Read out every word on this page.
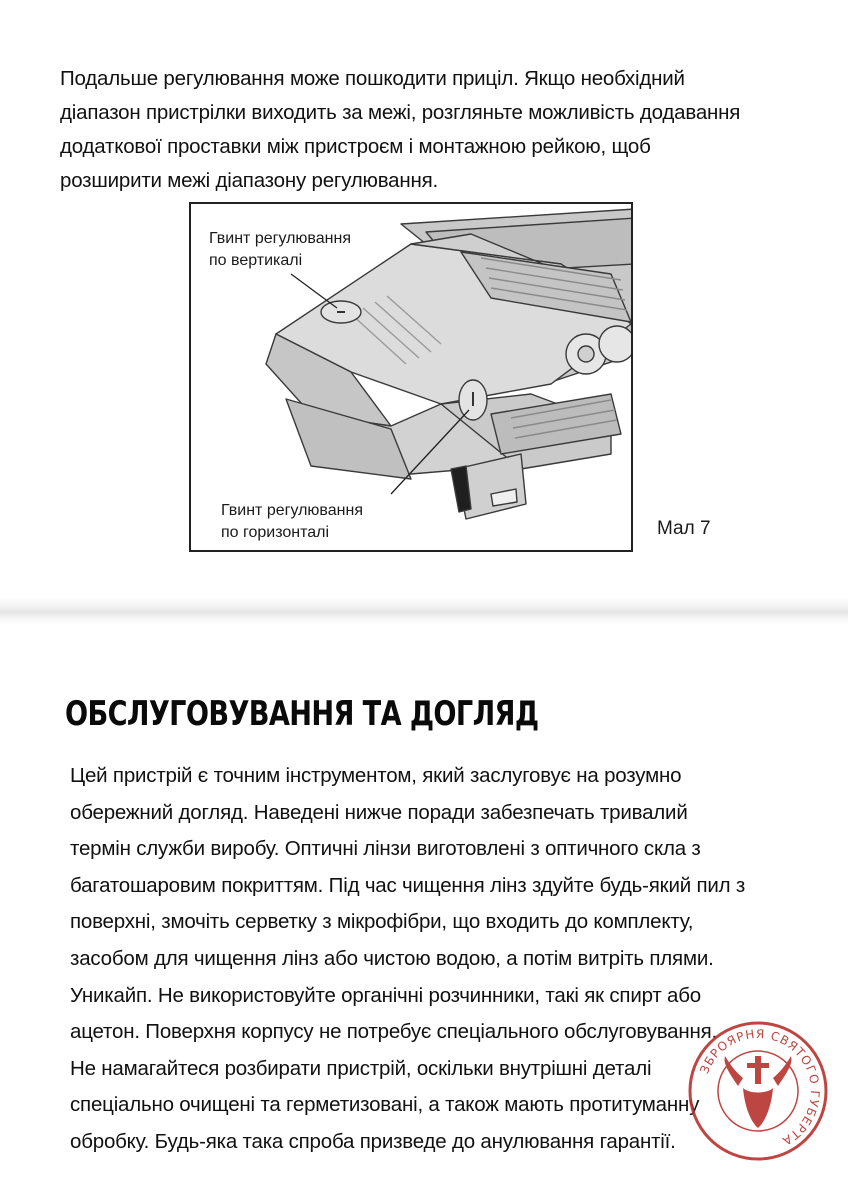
Подальше регулювання може пошкодити приціл. Якщо необхідний
діапазон пристрілки виходить за межі, розгляньте можливість додавання
додаткової проставки між пристроєм і монтажною рейкою, щоб
розширити межі діапазону регулювання.
Гвинт регулювання
по вертикалі
Гвинт регулювання
по горизонталі	Мал 7
ОБСЛУГОВУВАННЯ ТА ДОГЛЯД
Цей пристрій є точним інструментом, який заслуговує на розумно
обережний догляд. Наведені нижче поради забезпечать тривалий
термін служби виробу. Оптичні лінзи виготовлені з оптичного скла з
багатошаровим покриттям. Під час чищення лінз здуйте будь-який пил з
поверхні, змочіть серветку з мікрофібри, що входить до комплекту,
засобом для чищення лінз або чистою водою, а потім витріть плями.
Уникайп. Не використовуйте органічні розчинники, такі як спирт або
ацетон. Поверхня корпусу не потребує спеціального обслуговування.
Не намагайтеся розбирати пристрій, оскільки внутрішні деталі
спеціально очищені та герметизовані, а також мають протитуманну
обробку. Будь-яка така спроба призведе до анулювання гарантії.
ЗБРОЯРНЯ СВЯТОГО ГУБЕРТА
